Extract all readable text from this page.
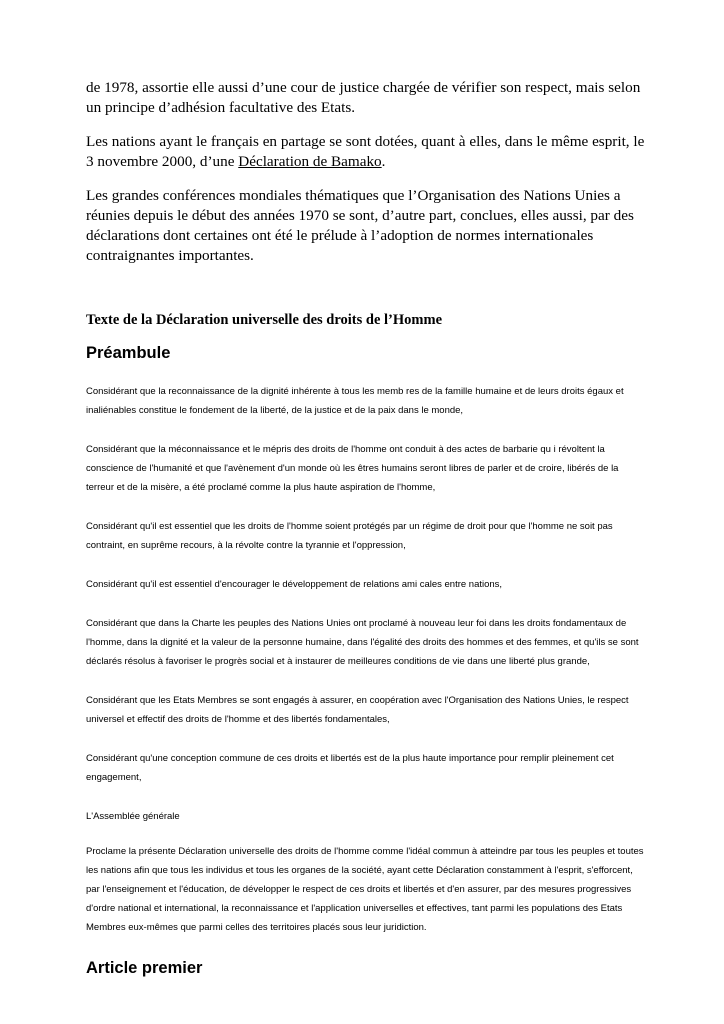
de 1978, assortie elle aussi d’une cour de justice chargée de vérifier son respect, mais selon un principe d’adhésion facultative des Etats.

Les nations ayant le français en partage se sont dotées, quant à elles, dans le même esprit, le 3 novembre 2000, d’une Déclaration de Bamako.

Les grandes conférences mondiales thématiques que l’Organisation des Nations Unies a réunies depuis le début des années 1970 se sont, d’autre part, conclues, elles aussi, par des déclarations dont certaines ont été le prélude à l’adoption de normes internationales contraignantes importantes.

Texte de la Déclaration universelle des droits de l’Homme
Préambule

Considérant que la reconnaissance de la dignité inhérente à tous les memb res de la famille humaine et de leurs droits égaux et inaliénables constitue le fondement de la liberté, de la justice et de la paix dans le monde,

Considérant que la méconnaissance et le mépris des droits de l'homme ont conduit à des actes de barbarie qu i révoltent la conscience de l'humanité et que l'avènement d'un monde où les êtres humains seront libres de parler et de croire, libérés de la terreur et de la misère, a été proclamé comme la plus haute aspiration de l'homme,

Considérant qu'il est essentiel que les droits de l'homme soient protégés par un régime de droit pour que l'homme ne soit pas contraint, en suprême recours, à la révolte contre la tyrannie et l'oppression,

Considérant qu'il est essentiel d'encourager le développement de relations ami cales entre nations,

Considérant que dans la Charte les peuples des Nations Unies ont proclamé à nouveau leur foi dans les droits fondamentaux de l'homme, dans la dignité et la valeur de la personne humaine, dans l'égalité des droits des hommes et des femmes, et qu'ils se sont déclarés résolus à favoriser le progrès social et à instaurer de meilleures conditions de vie dans une liberté plus grande,

Considérant que les Etats Membres se sont engagés à assurer, en coopération avec l'Organisation des Nations Unies, le respect universel et effectif des droits de l'homme et des libertés fondamentales,

Considérant qu'une conception commune de ces droits et libertés est de la plus haute importance pour remplir pleinement cet engagement,

L'Assemblée générale

Proclame la présente Déclaration universelle des droits de l'homme comme l'idéal commun à atteindre par tous les peuples et toutes les nations afin que tous les individus et tous les organes de la société, ayant cette Déclaration constamment à l'esprit, s'efforcent, par l'enseignement et l'éducation, de développer le respect de ces droits et libertés et d'en assurer, par des mesures progressives d'ordre national et international, la reconnaissance et l'application universelles et effectives, tant parmi les populations des Etats Membres eux-mêmes que parmi celles des territoires placés sous leur juridiction.

Article premier
